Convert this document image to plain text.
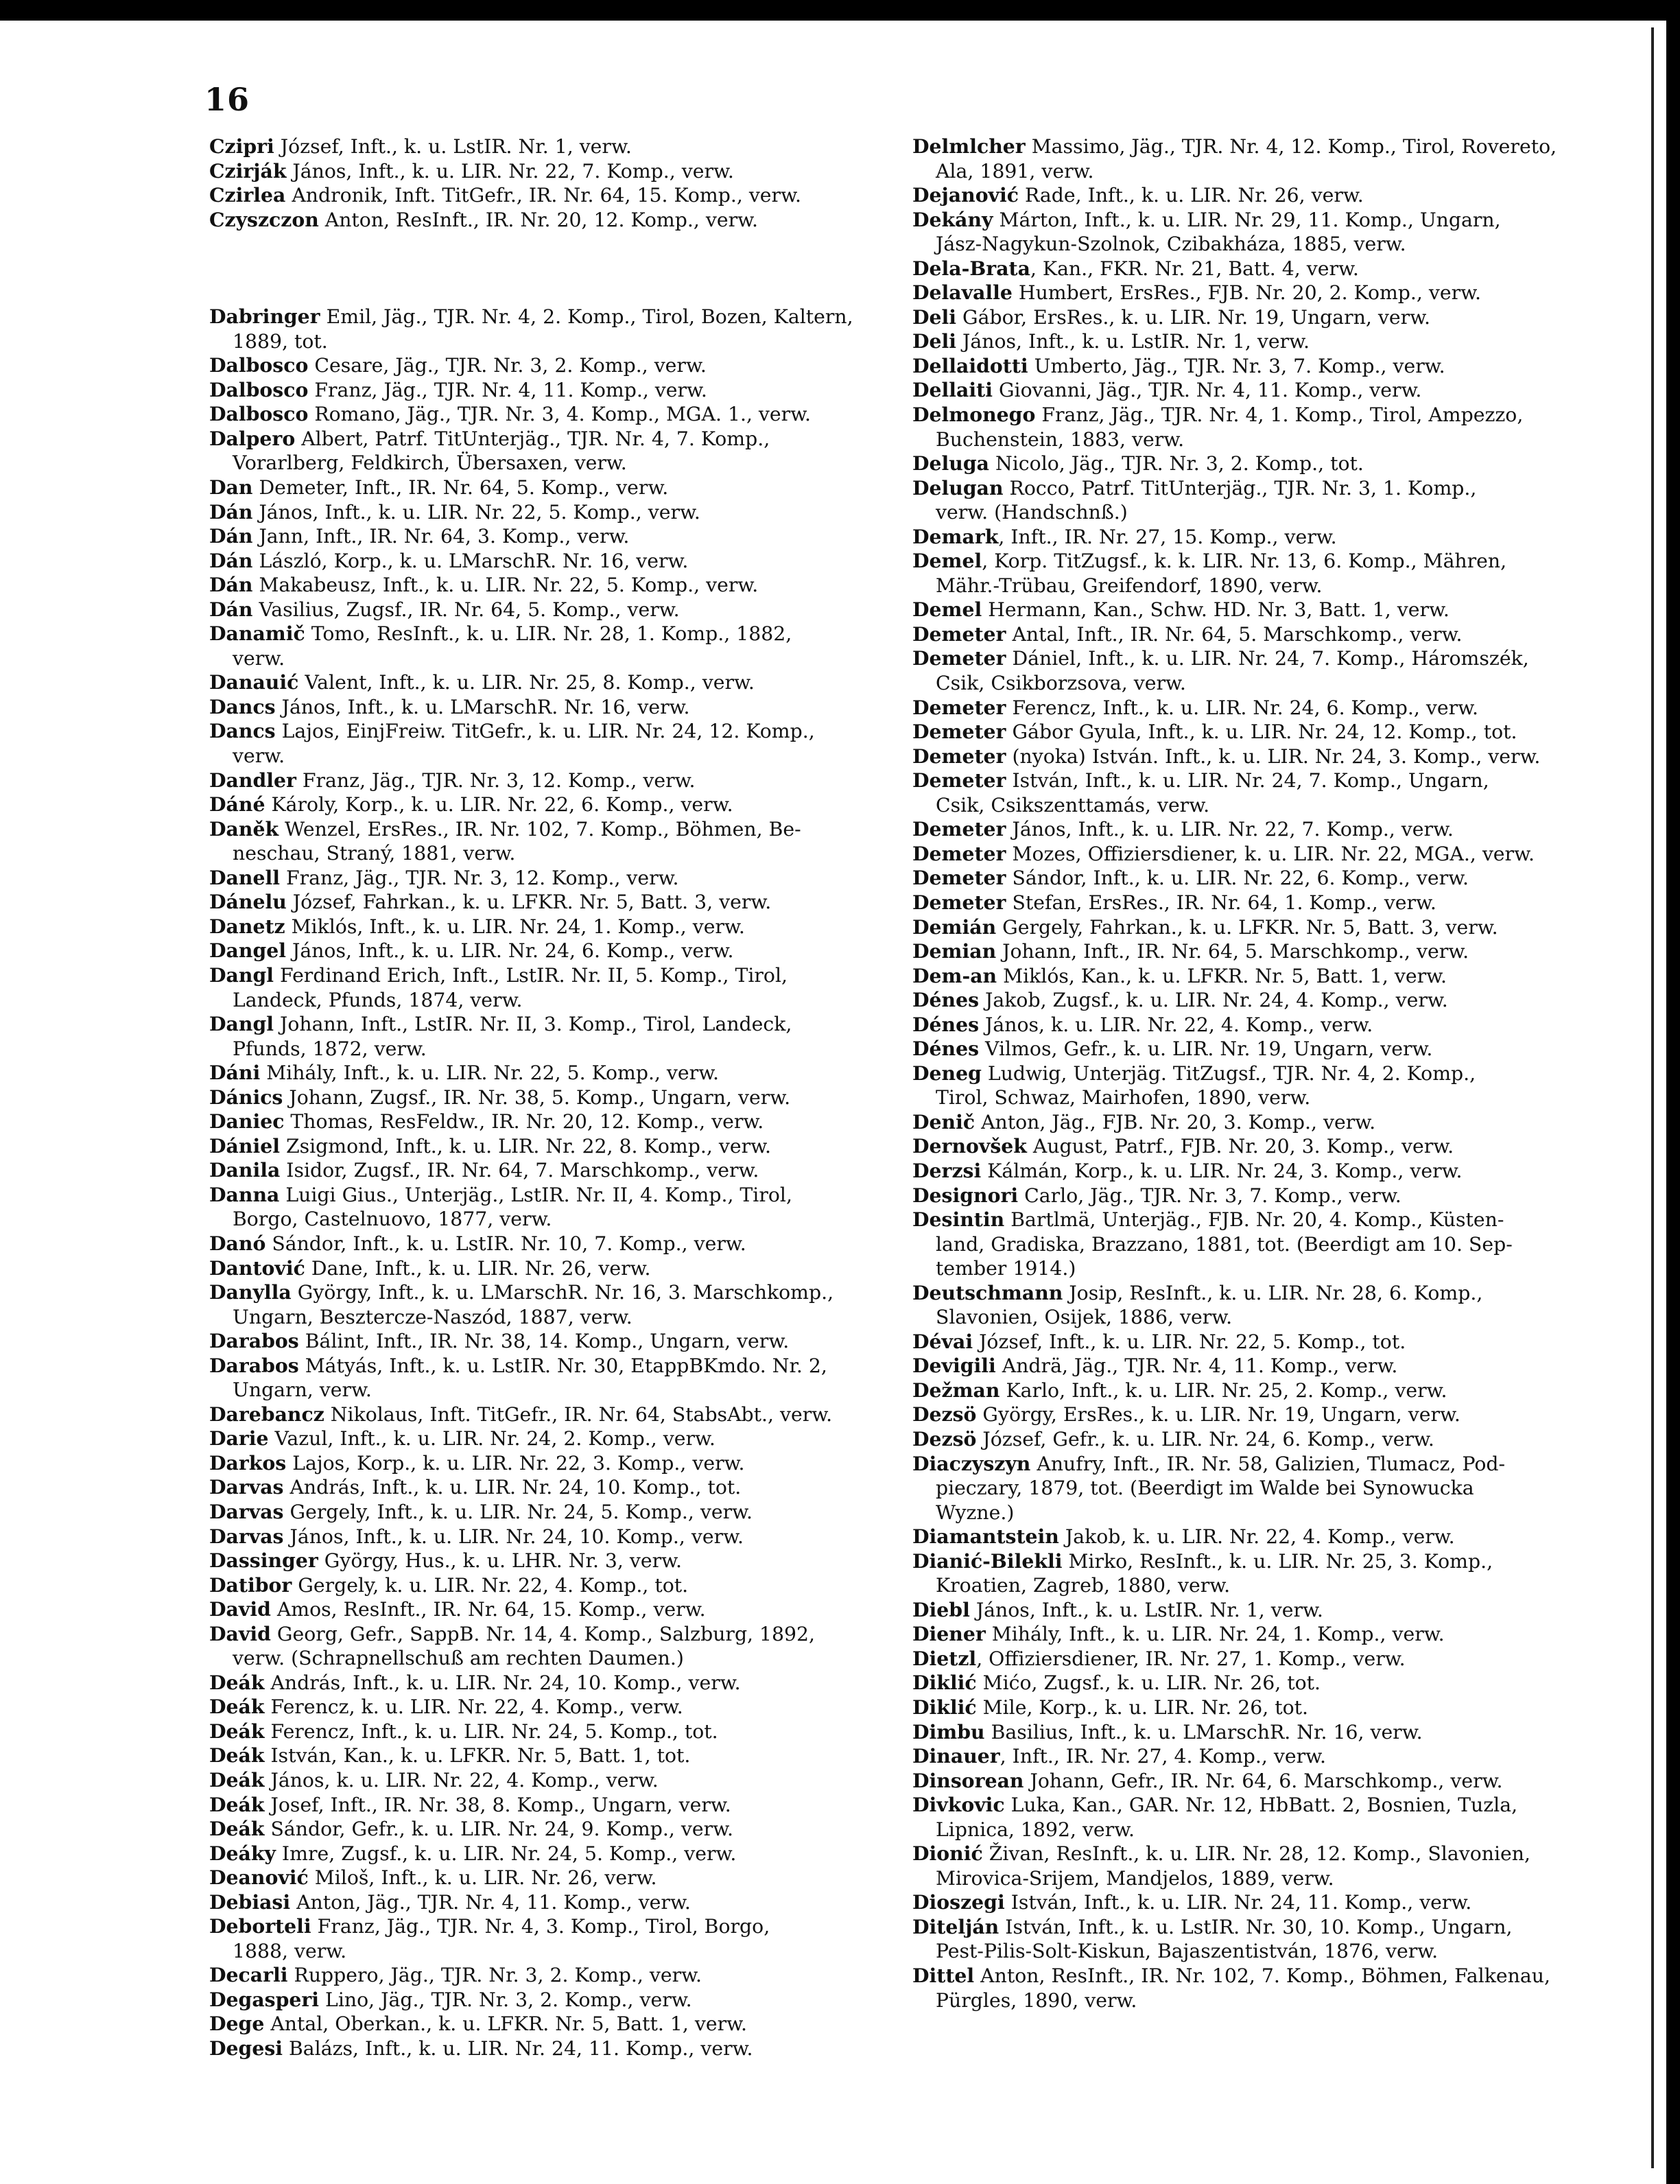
16
Czipri József, Inft., k. u. LstIR. Nr. 1, verw.
Czirják János, Inft., k. u. LIR. Nr. 22, 7. Komp., verw.
Czirlea Andronik, Inft. TitGefr., IR. Nr. 64, 15. Komp., verw.
Czyszczon Anton, ResInft., IR. Nr. 20, 12. Komp., verw.
Dabringer Emil, Jäg., TJR. Nr. 4, 2. Komp., Tirol, Bozen, Kaltern,
1889, tot.
Dalbosco Cesare, Jäg., TJR. Nr. 3, 2. Komp., verw.
Dalbosco Franz, Jäg., TJR. Nr. 4, 11. Komp., verw.
Dalbosco Romano, Jäg., TJR. Nr. 3, 4. Komp., MGA. 1., verw.
Dalpero Albert, Patrf. TitUnterjäg., TJR. Nr. 4, 7. Komp.,
Vorarlberg, Feldkirch, Übersaxen, verw.
Dan Demeter, Inft., IR. Nr. 64, 5. Komp., verw.
Dán János, Inft., k. u. LIR. Nr. 22, 5. Komp., verw.
Dán Jann, Inft., IR. Nr. 64, 3. Komp., verw.
Dán László, Korp., k. u. LMarschR. Nr. 16, verw.
Dán Makabeusz, Inft., k. u. LIR. Nr. 22, 5. Komp., verw.
Dán Vasilius, Zugsf., IR. Nr. 64, 5. Komp., verw.
Danamič Tomo, ResInft., k. u. LIR. Nr. 28, 1. Komp., 1882,
verw.
Danauić Valent, Inft., k. u. LIR. Nr. 25, 8. Komp., verw.
Dancs János, Inft., k. u. LMarschR. Nr. 16, verw.
Dancs Lajos, EinjFreiw. TitGefr., k. u. LIR. Nr. 24, 12. Komp.,
verw.
Dandler Franz, Jäg., TJR. Nr. 3, 12. Komp., verw.
Dáné Károly, Korp., k. u. LIR. Nr. 22, 6. Komp., verw.
Daněk Wenzel, ErsRes., IR. Nr. 102, 7. Komp., Böhmen, Be-
neschau, Straný, 1881, verw.
Danell Franz, Jäg., TJR. Nr. 3, 12. Komp., verw.
Dánelu József, Fahrkan., k. u. LFKR. Nr. 5, Batt. 3, verw.
Danetz Miklós, Inft., k. u. LIR. Nr. 24, 1. Komp., verw.
Dangel János, Inft., k. u. LIR. Nr. 24, 6. Komp., verw.
Dangl Ferdinand Erich, Inft., LstIR. Nr. II, 5. Komp., Tirol,
Landeck, Pfunds, 1874, verw.
Dangl Johann, Inft., LstIR. Nr. II, 3. Komp., Tirol, Landeck,
Pfunds, 1872, verw.
Dáni Mihály, Inft., k. u. LIR. Nr. 22, 5. Komp., verw.
Dánics Johann, Zugsf., IR. Nr. 38, 5. Komp., Ungarn, verw.
Daniec Thomas, ResFeldw., IR. Nr. 20, 12. Komp., verw.
Dániel Zsigmond, Inft., k. u. LIR. Nr. 22, 8. Komp., verw.
Danila Isidor, Zugsf., IR. Nr. 64, 7. Marschkomp., verw.
Danna Luigi Gius., Unterjäg., LstIR. Nr. II, 4. Komp., Tirol,
Borgo, Castelnuovo, 1877, verw.
Danó Sándor, Inft., k. u. LstIR. Nr. 10, 7. Komp., verw.
Dantović Dane, Inft., k. u. LIR. Nr. 26, verw.
Danylla György, Inft., k. u. LMarschR. Nr. 16, 3. Marschkomp.,
Ungarn, Besztercze-Naszód, 1887, verw.
Darabos Bálint, Inft., IR. Nr. 38, 14. Komp., Ungarn, verw.
Darabos Mátyás, Inft., k. u. LstIR. Nr. 30, EtappBKmdo. Nr. 2,
Ungarn, verw.
Darebancz Nikolaus, Inft. TitGefr., IR. Nr. 64, StabsAbt., verw.
Darie Vazul, Inft., k. u. LIR. Nr. 24, 2. Komp., verw.
Darkos Lajos, Korp., k. u. LIR. Nr. 22, 3. Komp., verw.
Darvas András, Inft., k. u. LIR. Nr. 24, 10. Komp., tot.
Darvas Gergely, Inft., k. u. LIR. Nr. 24, 5. Komp., verw.
Darvas János, Inft., k. u. LIR. Nr. 24, 10. Komp., verw.
Dassinger György, Hus., k. u. LHR. Nr. 3, verw.
Datibor Gergely, k. u. LIR. Nr. 22, 4. Komp., tot.
David Amos, ResInft., IR. Nr. 64, 15. Komp., verw.
David Georg, Gefr., SappB. Nr. 14, 4. Komp., Salzburg, 1892,
verw. (Schrapnellschuß am rechten Daumen.)
Deák András, Inft., k. u. LIR. Nr. 24, 10. Komp., verw.
Deák Ferencz, k. u. LIR. Nr. 22, 4. Komp., verw.
Deák Ferencz, Inft., k. u. LIR. Nr. 24, 5. Komp., tot.
Deák István, Kan., k. u. LFKR. Nr. 5, Batt. 1, tot.
Deák János, k. u. LIR. Nr. 22, 4. Komp., verw.
Deák Josef, Inft., IR. Nr. 38, 8. Komp., Ungarn, verw.
Deák Sándor, Gefr., k. u. LIR. Nr. 24, 9. Komp., verw.
Deáky Imre, Zugsf., k. u. LIR. Nr. 24, 5. Komp., verw.
Deanović Miloš, Inft., k. u. LIR. Nr. 26, verw.
Debiasi Anton, Jäg., TJR. Nr. 4, 11. Komp., verw.
Deborteli Franz, Jäg., TJR. Nr. 4, 3. Komp., Tirol, Borgo,
1888, verw.
Decarli Ruppero, Jäg., TJR. Nr. 3, 2. Komp., verw.
Degasperi Lino, Jäg., TJR. Nr. 3, 2. Komp., verw.
Dege Antal, Oberkan., k. u. LFKR. Nr. 5, Batt. 1, verw.
Degesi Balázs, Inft., k. u. LIR. Nr. 24, 11. Komp., verw.
Delmlcher Massimo, Jäg., TJR. Nr. 4, 12. Komp., Tirol, Rovereto,
Ala, 1891, verw.
Dejanović Rade, Inft., k. u. LIR. Nr. 26, verw.
Dekány Márton, Inft., k. u. LIR. Nr. 29, 11. Komp., Ungarn,
Jász-Nagykun-Szolnok, Czibakháza, 1885, verw.
Dela-Brata, Kan., FKR. Nr. 21, Batt. 4, verw.
Delavalle Humbert, ErsRes., FJB. Nr. 20, 2. Komp., verw.
Deli Gábor, ErsRes., k. u. LIR. Nr. 19, Ungarn, verw.
Deli János, Inft., k. u. LstIR. Nr. 1, verw.
Dellaidotti Umberto, Jäg., TJR. Nr. 3, 7. Komp., verw.
Dellaiti Giovanni, Jäg., TJR. Nr. 4, 11. Komp., verw.
Delmonego Franz, Jäg., TJR. Nr. 4, 1. Komp., Tirol, Ampezzo,
Buchenstein, 1883, verw.
Deluga Nicolo, Jäg., TJR. Nr. 3, 2. Komp., tot.
Delugan Rocco, Patrf. TitUnterjäg., TJR. Nr. 3, 1. Komp.,
verw. (Handschnß.)
Demark, Inft., IR. Nr. 27, 15. Komp., verw.
Demel, Korp. TitZugsf., k. k. LIR. Nr. 13, 6. Komp., Mähren,
Mähr.-Trübau, Greifendorf, 1890, verw.
Demel Hermann, Kan., Schw. HD. Nr. 3, Batt. 1, verw.
Demeter Antal, Inft., IR. Nr. 64, 5. Marschkomp., verw.
Demeter Dániel, Inft., k. u. LIR. Nr. 24, 7. Komp., Háromszék,
Csik, Csikborzsova, verw.
Demeter Ferencz, Inft., k. u. LIR. Nr. 24, 6. Komp., verw.
Demeter Gábor Gyula, Inft., k. u. LIR. Nr. 24, 12. Komp., tot.
Demeter (nyoka) István. Inft., k. u. LIR. Nr. 24, 3. Komp., verw.
Demeter István, Inft., k. u. LIR. Nr. 24, 7. Komp., Ungarn,
Csik, Csikszenttamás, verw.
Demeter János, Inft., k. u. LIR. Nr. 22, 7. Komp., verw.
Demeter Mozes, Offiziersdiener, k. u. LIR. Nr. 22, MGA., verw.
Demeter Sándor, Inft., k. u. LIR. Nr. 22, 6. Komp., verw.
Demeter Stefan, ErsRes., IR. Nr. 64, 1. Komp., verw.
Demián Gergely, Fahrkan., k. u. LFKR. Nr. 5, Batt. 3, verw.
Demian Johann, Inft., IR. Nr. 64, 5. Marschkomp., verw.
Dem-an Miklós, Kan., k. u. LFKR. Nr. 5, Batt. 1, verw.
Dénes Jakob, Zugsf., k. u. LIR. Nr. 24, 4. Komp., verw.
Dénes János, k. u. LIR. Nr. 22, 4. Komp., verw.
Dénes Vilmos, Gefr., k. u. LIR. Nr. 19, Ungarn, verw.
Deneg Ludwig, Unterjäg. TitZugsf., TJR. Nr. 4, 2. Komp.,
Tirol, Schwaz, Mairhofen, 1890, verw.
Denič Anton, Jäg., FJB. Nr. 20, 3. Komp., verw.
Dernovšek August, Patrf., FJB. Nr. 20, 3. Komp., verw.
Derzsi Kálmán, Korp., k. u. LIR. Nr. 24, 3. Komp., verw.
Designori Carlo, Jäg., TJR. Nr. 3, 7. Komp., verw.
Desintin Bartlmä, Unterjäg., FJB. Nr. 20, 4. Komp., Küsten-
land, Gradiska, Brazzano, 1881, tot. (Beerdigt am 10. Sep-
tember 1914.)
Deutschmann Josip, ResInft., k. u. LIR. Nr. 28, 6. Komp.,
Slavonien, Osijek, 1886, verw.
Dévai József, Inft., k. u. LIR. Nr. 22, 5. Komp., tot.
Devigili Andrä, Jäg., TJR. Nr. 4, 11. Komp., verw.
Dežman Karlo, Inft., k. u. LIR. Nr. 25, 2. Komp., verw.
Dezsö György, ErsRes., k. u. LIR. Nr. 19, Ungarn, verw.
Dezsö József, Gefr., k. u. LIR. Nr. 24, 6. Komp., verw.
Diaczyszyn Anufry, Inft., IR. Nr. 58, Galizien, Tlumacz, Pod-
pieczary, 1879, tot. (Beerdigt im Walde bei Synowucka
Wyzne.)
Diamantstein Jakob, k. u. LIR. Nr. 22, 4. Komp., verw.
Dianić-Bilekli Mirko, ResInft., k. u. LIR. Nr. 25, 3. Komp.,
Kroatien, Zagreb, 1880, verw.
Diebl János, Inft., k. u. LstIR. Nr. 1, verw.
Diener Mihály, Inft., k. u. LIR. Nr. 24, 1. Komp., verw.
Dietzl, Offiziersdiener, IR. Nr. 27, 1. Komp., verw.
Diklić Mićo, Zugsf., k. u. LIR. Nr. 26, tot.
Diklić Mile, Korp., k. u. LIR. Nr. 26, tot.
Dimbu Basilius, Inft., k. u. LMarschR. Nr. 16, verw.
Dinauer, Inft., IR. Nr. 27, 4. Komp., verw.
Dinsorean Johann, Gefr., IR. Nr. 64, 6. Marschkomp., verw.
Divkovic Luka, Kan., GAR. Nr. 12, HbBatt. 2, Bosnien, Tuzla,
Lipnica, 1892, verw.
Dionić Živan, ResInft., k. u. LIR. Nr. 28, 12. Komp., Slavonien,
Mirovica-Srijem, Mandjelos, 1889, verw.
Dioszegi István, Inft., k. u. LIR. Nr. 24, 11. Komp., verw.
Ditelján István, Inft., k. u. LstIR. Nr. 30, 10. Komp., Ungarn,
Pest-Pilis-Solt-Kiskun, Bajaszentistván, 1876, verw.
Dittel Anton, ResInft., IR. Nr. 102, 7. Komp., Böhmen, Falkenau,
Pürgles, 1890, verw.
